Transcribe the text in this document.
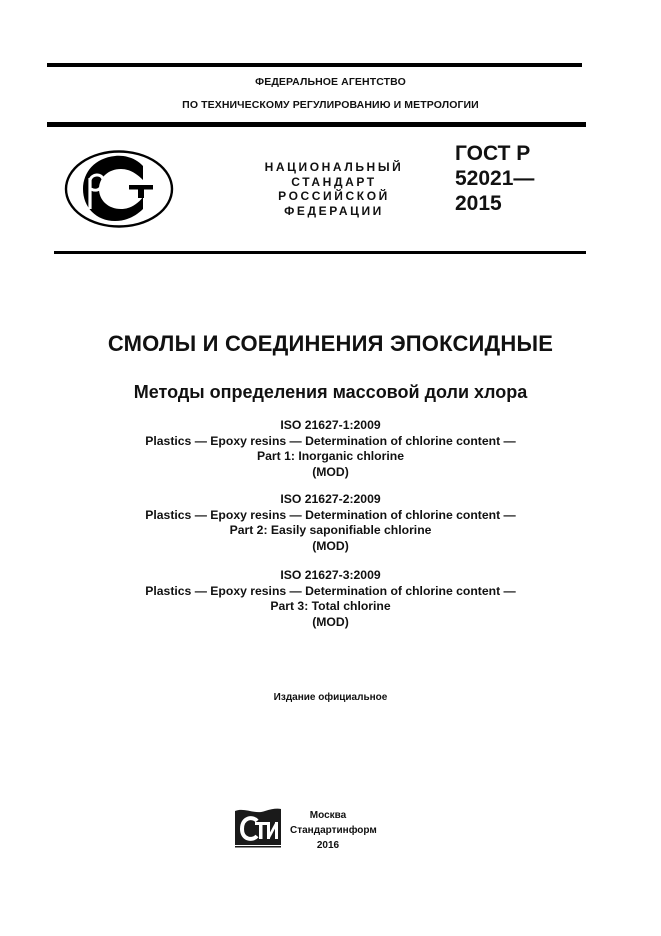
ФЕДЕРАЛЬНОЕ АГЕНТСТВО
ПО ТЕХНИЧЕСКОМУ РЕГУЛИРОВАНИЮ И МЕТРОЛОГИИ
НАЦИОНАЛЬНЫЙ
СТАНДАРТ
РОССИЙСКОЙ
ФЕДЕРАЦИИ
ГОСТ Р
52021—
2015
СМОЛЫ И СОЕДИНЕНИЯ ЭПОКСИДНЫЕ
Методы определения массовой доли хлора
ISO 21627-1:2009
Plastics — Epoxy resins — Determination of chlorine content —
Part 1: Inorganic chlorine
(MOD)
ISO 21627-2:2009
Plastics — Epoxy resins — Determination of chlorine content —
Part 2: Easily saponifiable chlorine
(MOD)
ISO 21627-3:2009
Plastics — Epoxy resins — Determination of chlorine content —
Part 3: Total chlorine
(MOD)
Издание официальное
Москва
Стандартинформ
2016
